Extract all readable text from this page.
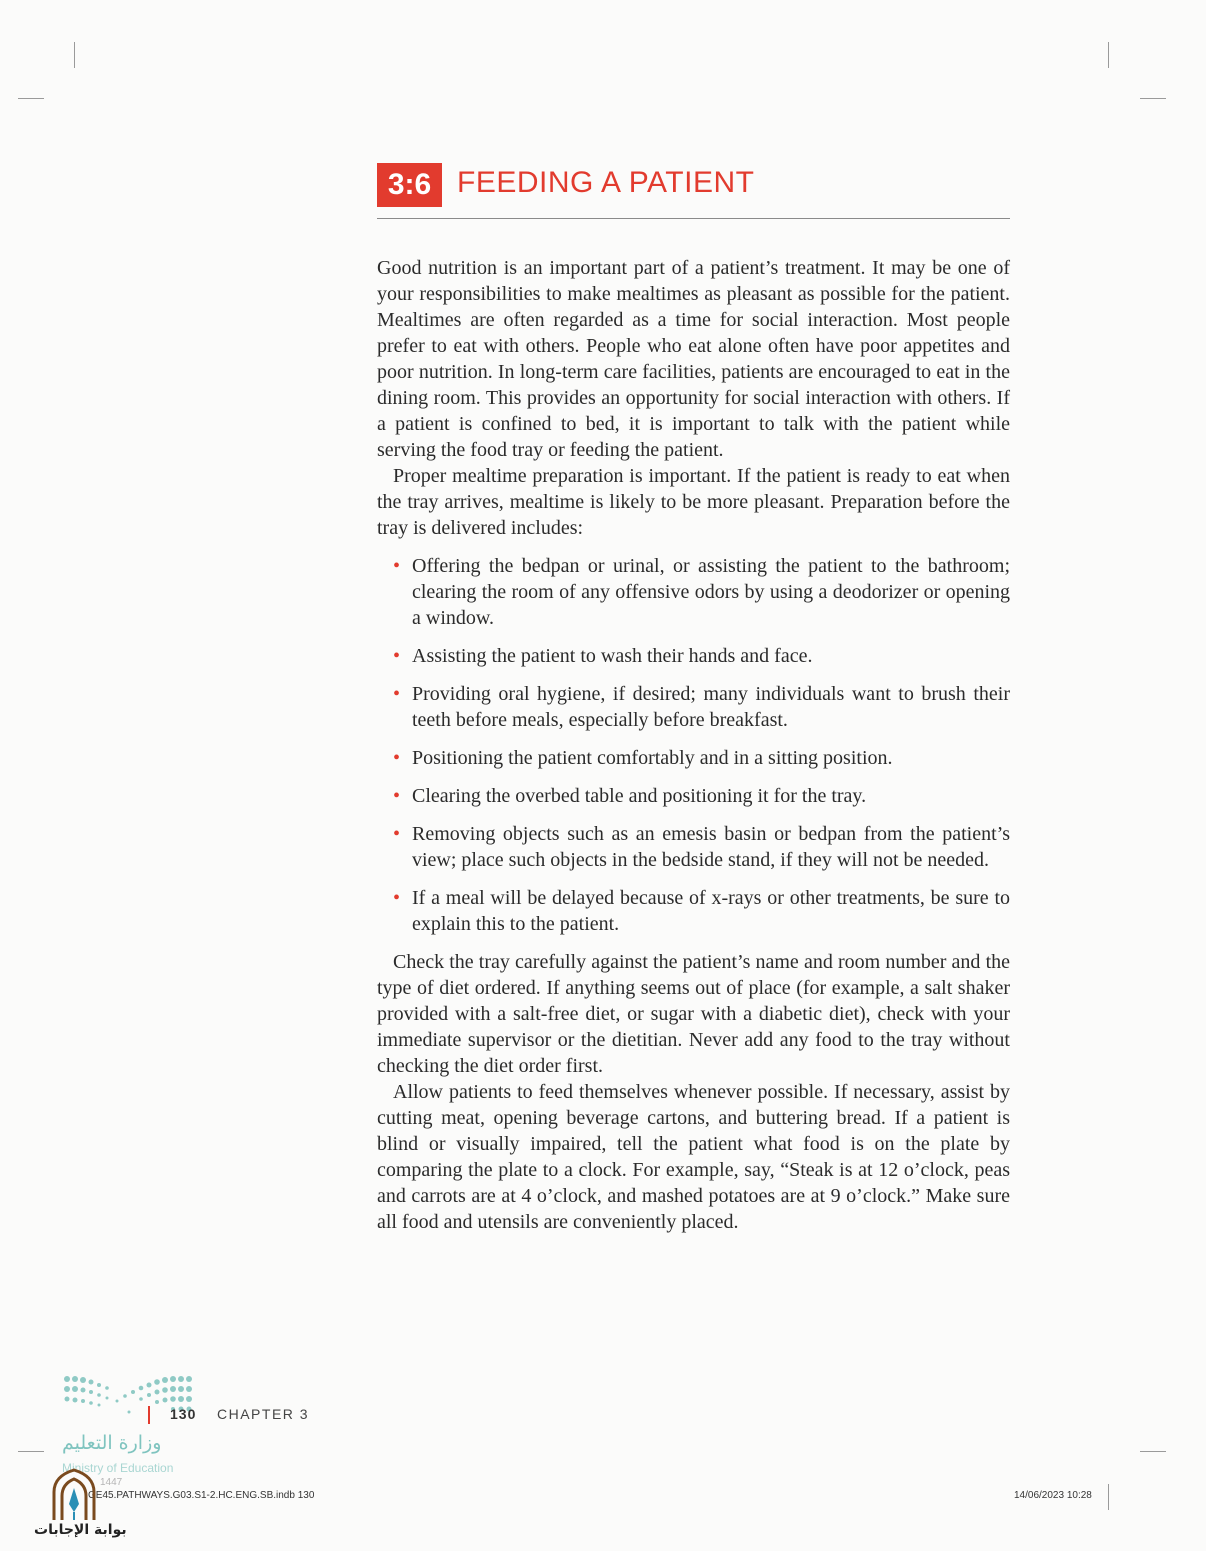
3:6 FEEDING A PATIENT

Good nutrition is an important part of a patient’s treatment. It may be one of your responsibilities to make mealtimes as pleasant as possible for the patient. Mealtimes are often regarded as a time for social interaction. Most people prefer to eat with others. People who eat alone often have poor appetites and poor nutrition. In long-term care facilities, patients are encouraged to eat in the dining room. This provides an opportunity for social interaction with others. If a patient is confined to bed, it is important to talk with the patient while serving the food tray or feeding the patient.

Proper mealtime preparation is important. If the patient is ready to eat when the tray arrives, mealtime is likely to be more pleasant. Preparation before the tray is delivered includes:

• Offering the bedpan or urinal, or assisting the patient to the bathroom; clearing the room of any offensive odors by using a deodorizer or opening a window.
• Assisting the patient to wash their hands and face.
• Providing oral hygiene, if desired; many individuals want to brush their teeth before meals, especially before breakfast.
• Positioning the patient comfortably and in a sitting position.
• Clearing the overbed table and positioning it for the tray.
• Removing objects such as an emesis basin or bedpan from the patient’s view; place such objects in the bedside stand, if they will not be needed.
• If a meal will be delayed because of x-rays or other treatments, be sure to explain this to the patient.

Check the tray carefully against the patient’s name and room number and the type of diet ordered. If anything seems out of place (for example, a salt shaker provided with a salt-free diet, or sugar with a diabetic diet), check with your immediate supervisor or the dietitian. Never add any food to the tray without checking the diet order first.

Allow patients to feed themselves whenever possible. If necessary, assist by cutting meat, opening beverage cartons, and buttering bread. If a patient is blind or visually impaired, tell the patient what food is on the plate by comparing the plate to a clock. For example, say, “Steak is at 12 o’clock, peas and carrots are at 4 o’clock, and mashed potatoes are at 9 o’clock.” Make sure all food and utensils are conveniently placed.

130 CHAPTER 3
وزارة التعليم
Ministry of Education
1447
GE45.PATHWAYS.G03.S1-2.HC.ENG.SB.indb 130	14/06/2023 10:28
بوابة الإجابات
